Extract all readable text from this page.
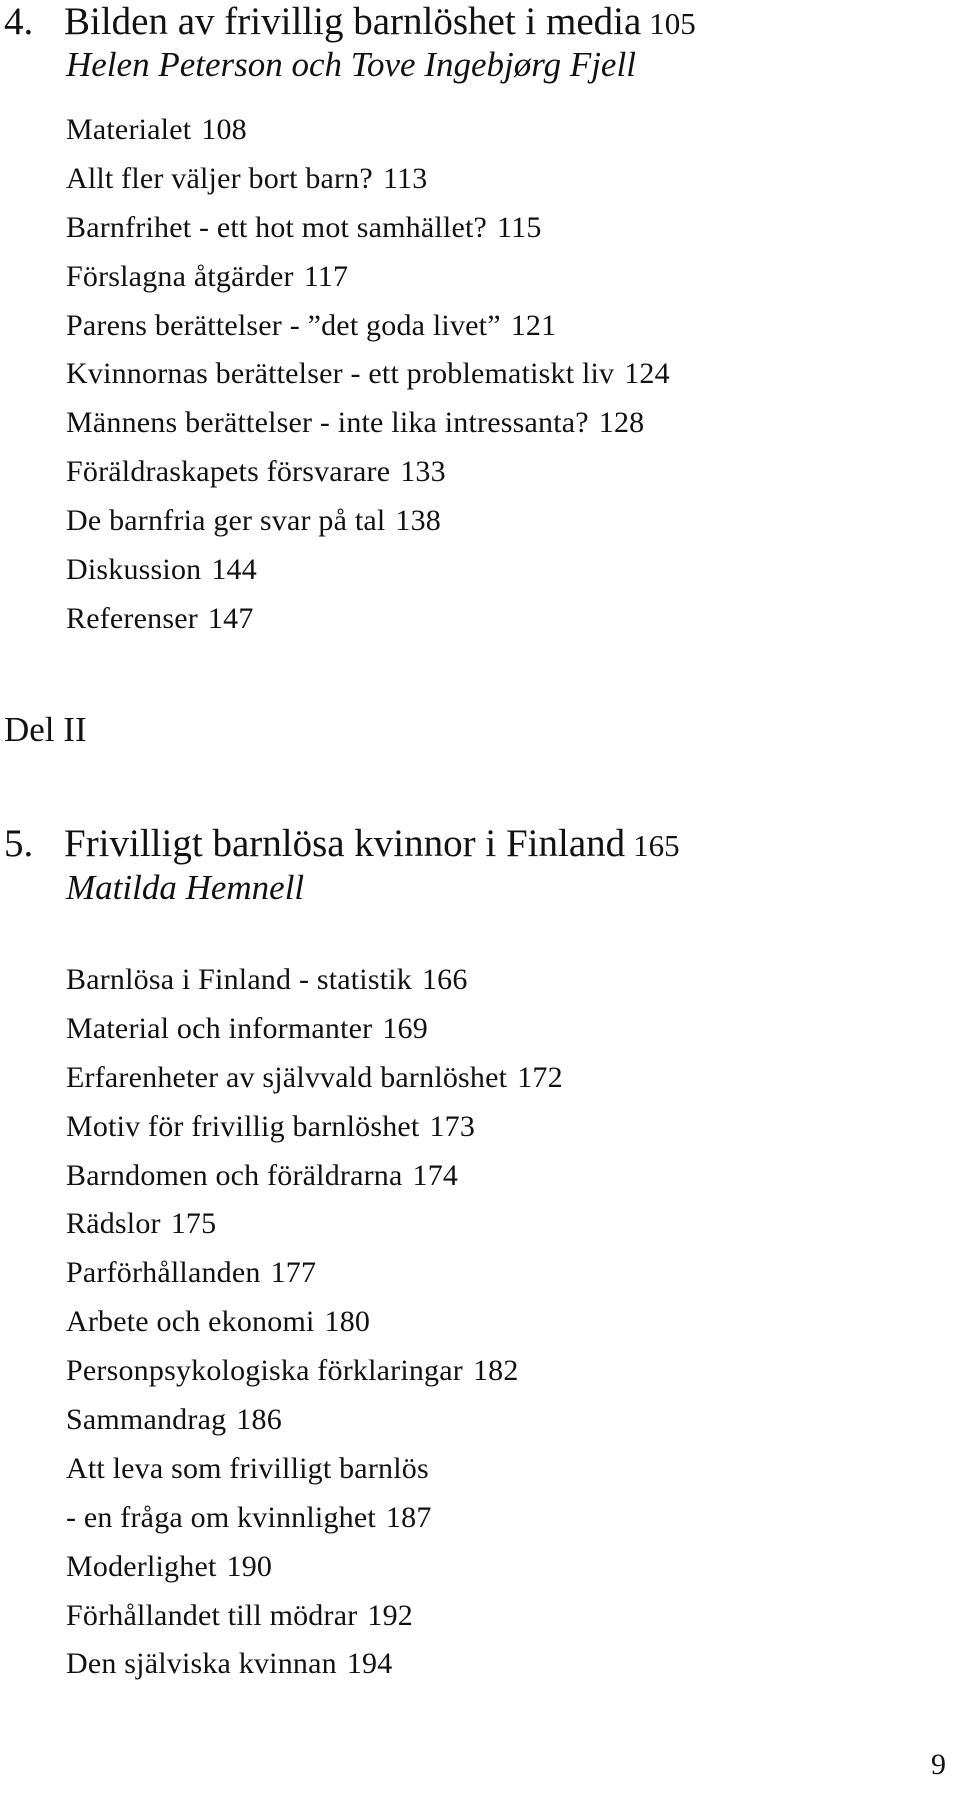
4. Bilden av frivillig barnlöshet i media 105
Helen Peterson och Tove Ingebjørg Fjell
Materialet 108
Allt fler väljer bort barn? 113
Barnfrihet - ett hot mot samhället? 115
Förslagna åtgärder 117
Parens berättelser - ”det goda livet” 121
Kvinnornas berättelser - ett problematiskt liv 124
Männens berättelser - inte lika intressanta? 128
Föräldraskapets försvarare 133
De barnfria ger svar på tal 138
Diskussion 144
Referenser 147
Del II
5. Frivilligt barnlösa kvinnor i Finland 165
Matilda Hemnell
Barnlösa i Finland - statistik 166
Material och informanter 169
Erfarenheter av självvald barnlöshet 172
Motiv för frivillig barnlöshet 173
Barndomen och föräldrarna 174
Rädslor 175
Parförhållanden 177
Arbete och ekonomi 180
Personpsykologiska förklaringar 182
Sammandrag 186
Att leva som frivilligt barnlös
- en fråga om kvinnlighet 187
Moderlighet 190
Förhållandet till mödrar 192
Den själviska kvinnan 194
9
